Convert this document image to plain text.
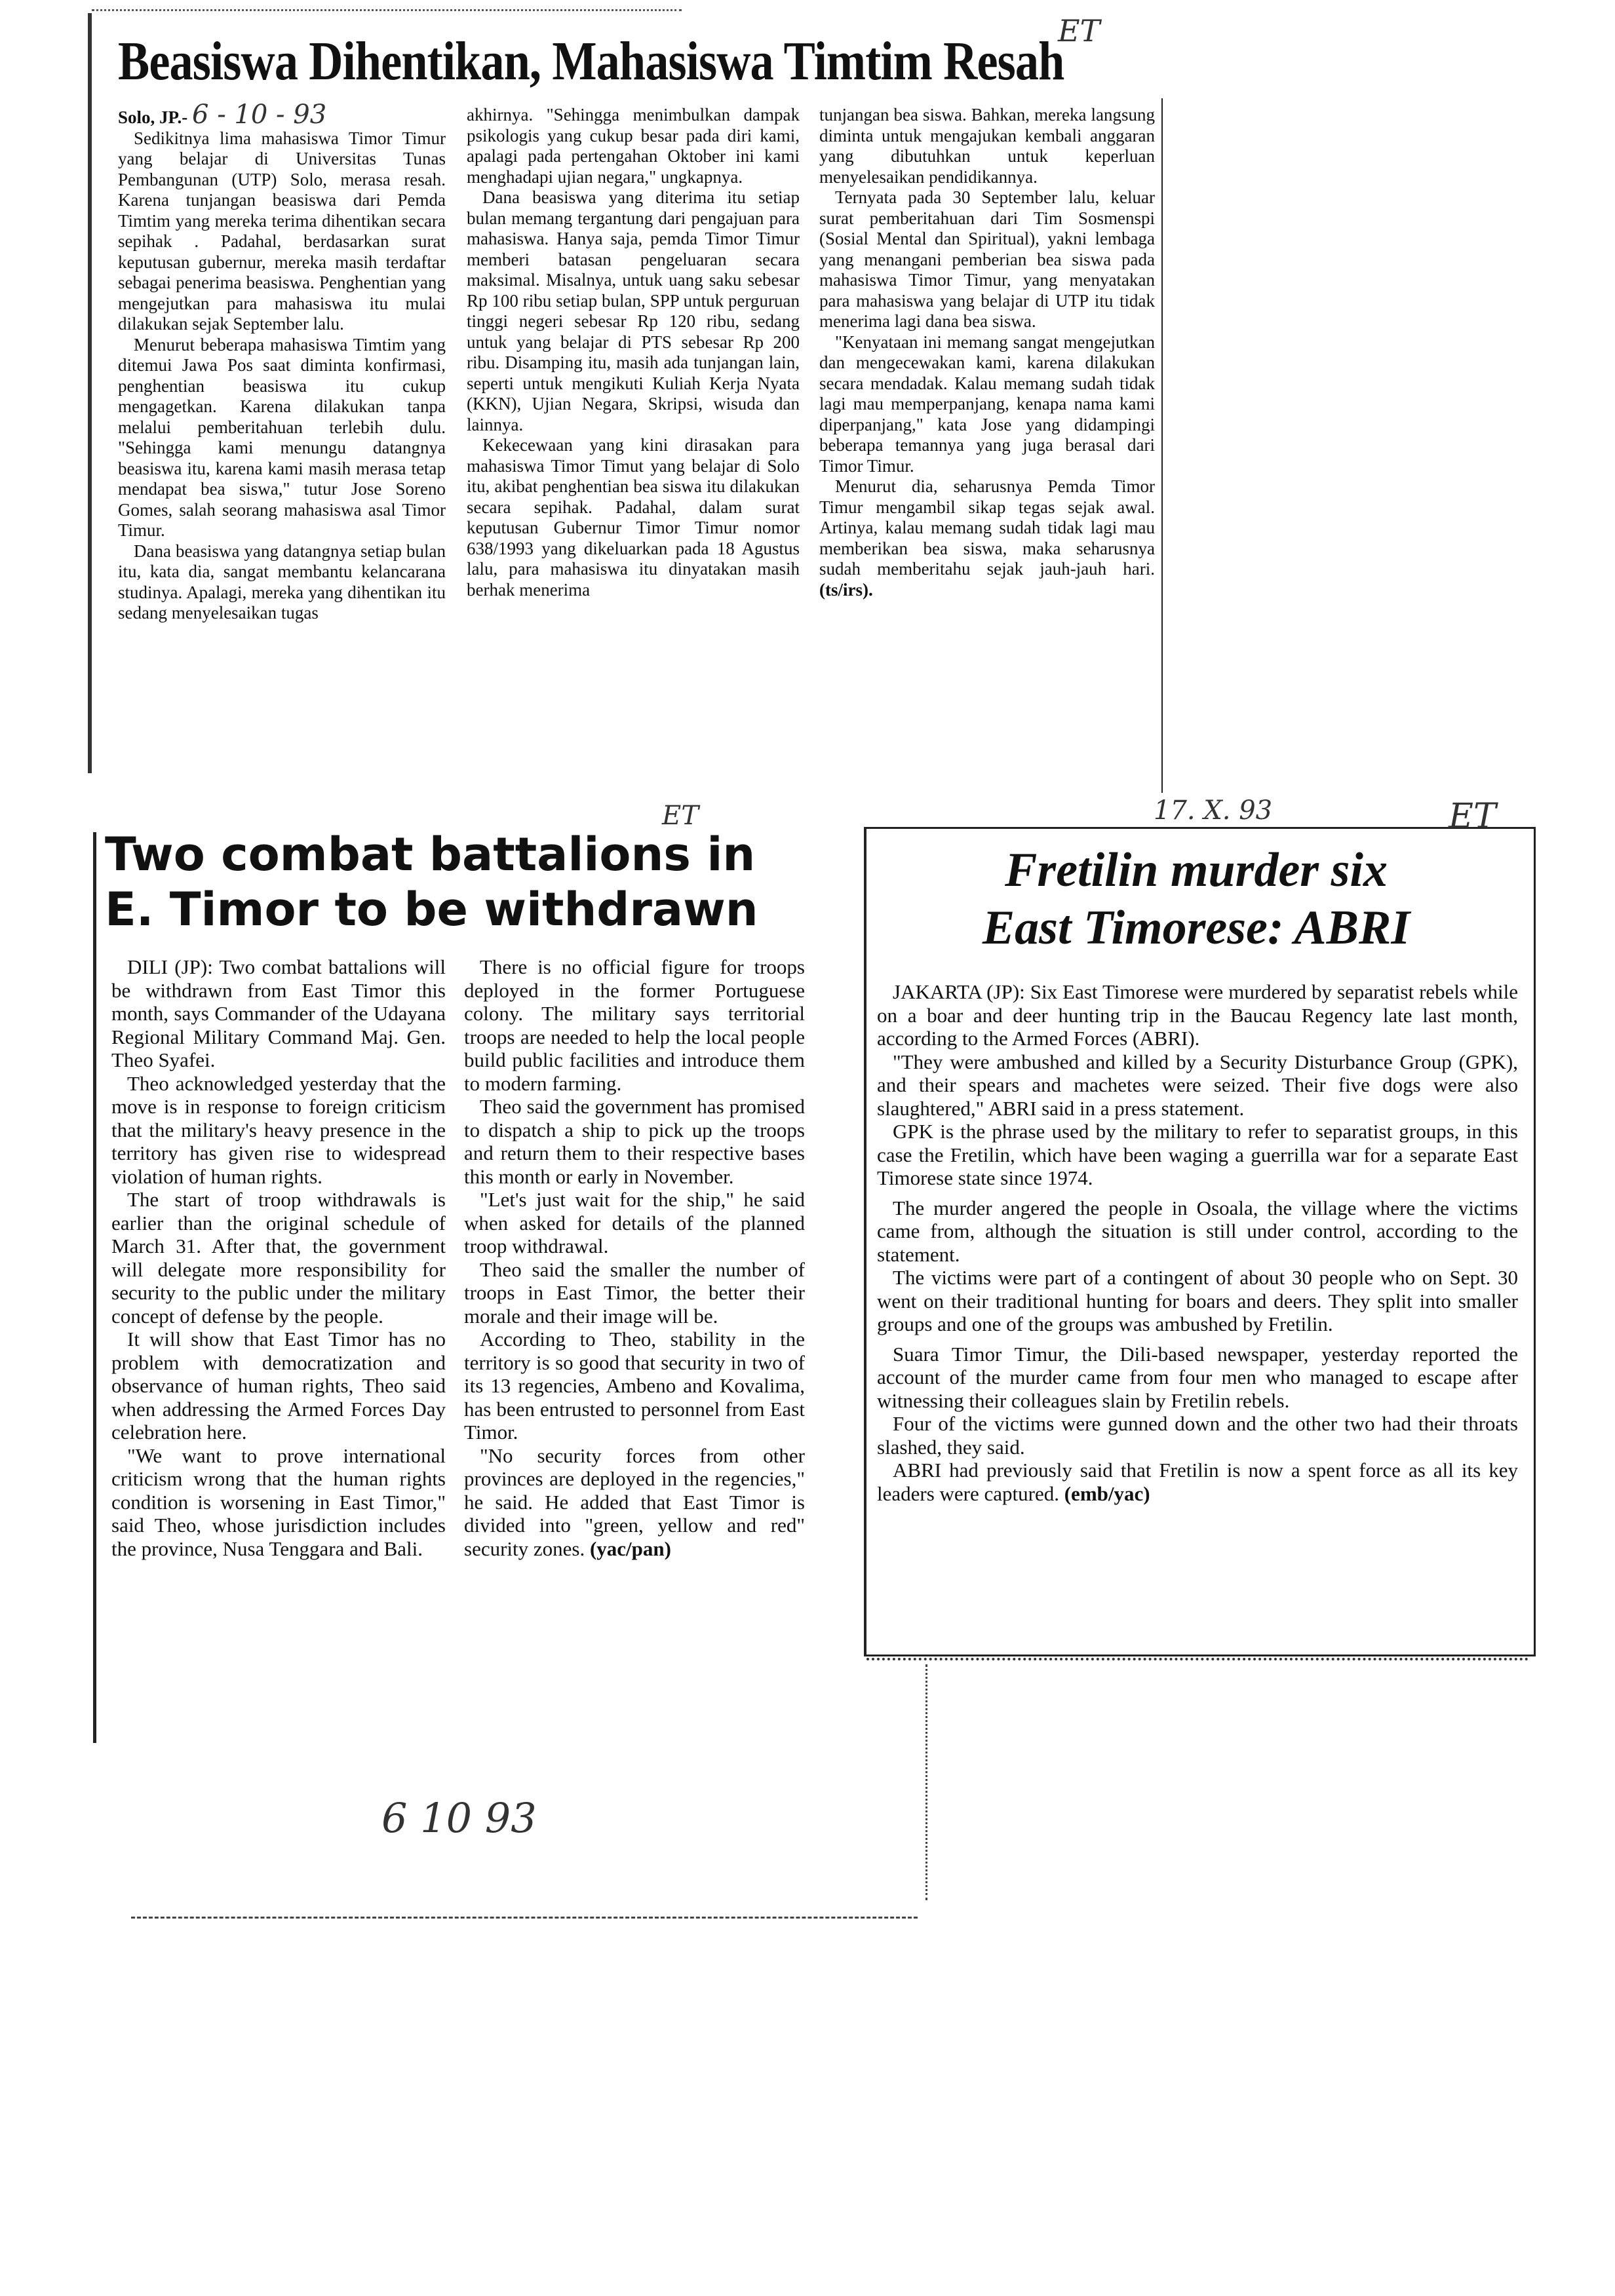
Beasiswa Dihentikan, Mahasiswa Timtim Resah
ET

Solo, JP.- 6 - 10 - 93

Sedikitnya lima mahasiswa Timor Timur yang belajar di Universitas Tunas Pembangunan (UTP) Solo, merasa resah. Karena tunjangan beasiswa dari Pemda Timtim yang mereka terima dihentikan secara sepihak . Padahal, berdasarkan surat keputusan gubernur, mereka masih terdaftar sebagai penerima beasiswa. Penghentian yang mengejutkan para mahasiswa itu mulai dilakukan sejak September lalu.

Menurut beberapa mahasiswa Timtim yang ditemui Jawa Pos saat diminta konfirmasi, penghentian beasiswa itu cukup mengagetkan. Karena dilakukan tanpa melalui pemberitahuan terlebih dulu. "Sehingga kami menungu datangnya beasiswa itu, karena kami masih merasa tetap mendapat bea siswa," tutur Jose Soreno Gomes, salah seorang mahasiswa asal Timor Timur.

Dana beasiswa yang datangnya setiap bulan itu, kata dia, sangat membantu kelancarana studinya. Apalagi, mereka yang dihentikan itu sedang menyelesaikan tugas

akhirnya. "Sehingga menimbulkan dampak psikologis yang cukup besar pada diri kami, apalagi pada pertengahan Oktober ini kami menghadapi ujian negara," ungkapnya.

Dana beasiswa yang diterima itu setiap bulan memang tergantung dari pengajuan para mahasiswa. Hanya saja, pemda Timor Timur memberi batasan pengeluaran secara maksimal. Misalnya, untuk uang saku sebesar Rp 100 ribu setiap bulan, SPP untuk perguruan tinggi negeri sebesar Rp 120 ribu, sedang untuk yang belajar di PTS sebesar Rp 200 ribu. Disamping itu, masih ada tunjangan lain, seperti untuk mengikuti Kuliah Kerja Nyata (KKN), Ujian Negara, Skripsi, wisuda dan lainnya.

Kekecewaan yang kini dirasakan para mahasiswa Timor Timut yang belajar di Solo itu, akibat penghentian bea siswa itu dilakukan secara sepihak. Padahal, dalam surat keputusan Gubernur Timor Timur nomor 638/1993 yang dikeluarkan pada 18 Agustus lalu, para mahasiswa itu dinyatakan masih berhak menerima

tunjangan bea siswa. Bahkan, mereka langsung diminta untuk mengajukan kembali anggaran yang dibutuhkan untuk keperluan menyelesaikan pendidikannya.

Ternyata pada 30 September lalu, keluar surat pemberitahuan dari Tim Sosmenspi (Sosial Mental dan Spiritual), yakni lembaga yang menangani pemberian bea siswa pada mahasiswa Timor Timur, yang menyatakan para mahasiswa yang belajar di UTP itu tidak menerima lagi dana bea siswa.

"Kenyataan ini memang sangat mengejutkan dan mengecewakan kami, karena dilakukan secara mendadak. Kalau memang sudah tidak lagi mau memperpanjang, kenapa nama kami diperpanjang," kata Jose yang didampingi beberapa temannya yang juga berasal dari Timor Timur.

Menurut dia, seharusnya Pemda Timor Timur mengambil sikap tegas sejak awal. Artinya, kalau memang sudah tidak lagi mau memberikan bea siswa, maka seharusnya sudah memberitahu sejak jauh-jauh hari.(ts/irs).

ET
Two combat battalions in
E. Timor to be withdrawn

DILI (JP): Two combat battalions will be withdrawn from East Timor this month, says Commander of the Udayana Regional Military Command Maj. Gen. Theo Syafei.

Theo acknowledged yesterday that the move is in response to foreign criticism that the military's heavy presence in the territory has given rise to widespread violation of human rights.

The start of troop withdrawals is earlier than the original schedule of March 31. After that, the government will delegate more responsibility for security to the public under the military concept of defense by the people.

It will show that East Timor has no problem with democratization and observance of human rights, Theo said when addressing the Armed Forces Day celebration here.

"We want to prove international criticism wrong that the human rights condition is worsening in East Timor," said Theo, whose jurisdiction includes the province, Nusa Tenggara and Bali.

There is no official figure for troops deployed in the former Portuguese colony. The military says territorial troops are needed to help the local people build public facilities and introduce them to modern farming.

Theo said the government has promised to dispatch a ship to pick up the troops and return them to their respective bases this month or early in November.

"Let's just wait for the ship," he said when asked for details of the planned troop withdrawal.

Theo said the smaller the number of troops in East Timor, the better their morale and their image will be.

According to Theo, stability in the territory is so good that security in two of its 13 regencies, Ambeno and Kovalima, has been entrusted to personnel from East Timor.

"No security forces from other provinces are deployed in the regencies," he said. He added that East Timor is divided into "green, yellow and red" security zones. (yac/pan)

6 10 93
17. X. 93	ET
Fretilin murder six
East Timorese: ABRI

JAKARTA (JP): Six East Timorese were murdered by separatist rebels while on a boar and deer hunting trip in the Baucau Regency late last month, according to the Armed Forces (ABRI).

"They were ambushed and killed by a Security Disturbance Group (GPK), and their spears and machetes were seized. Their five dogs were also slaughtered," ABRI said in a press statement.

GPK is the phrase used by the military to refer to separatist groups, in this case the Fretilin, which have been waging a guerrilla war for a separate East Timorese state since 1974.

The murder angered the people in Osoala, the village where the victims came from, although the situation is still under control, according to the statement.

The victims were part of a contingent of about 30 people who on Sept. 30 went on their traditional hunting for boars and deers. They split into smaller groups and one of the groups was ambushed by Fretilin.

Suara Timor Timur, the Dili-based newspaper, yesterday reported the account of the murder came from four men who managed to escape after witnessing their colleagues slain by Fretilin rebels.

Four of the victims were gunned down and the other two had their throats slashed, they said.

ABRI had previously said that Fretilin is now a spent force as all its key leaders were captured. (emb/yac)
